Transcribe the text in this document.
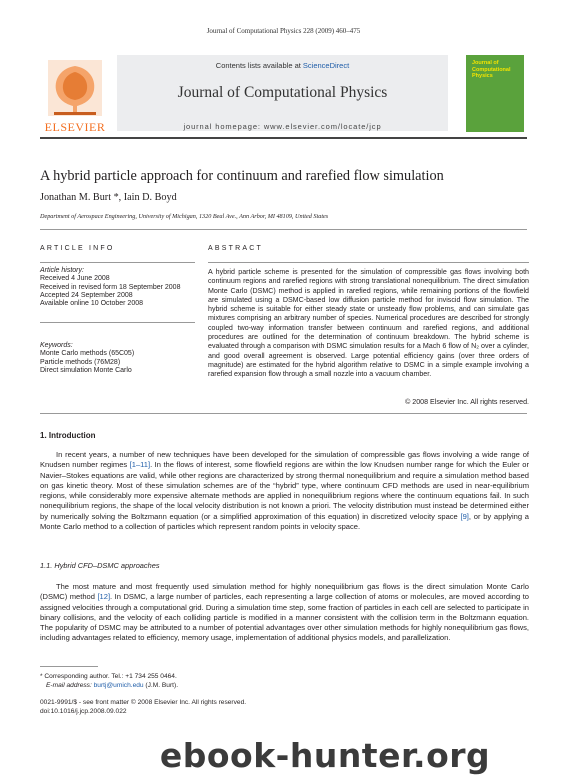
Journal of Computational Physics 228 (2009) 460–475
Contents lists available at ScienceDirect
Journal of Computational Physics
journal homepage: www.elsevier.com/locate/jcp
ELSEVIER
Journal of Computational Physics
A hybrid particle approach for continuum and rarefied flow simulation
Jonathan M. Burt *, Iain D. Boyd
Department of Aerospace Engineering, University of Michigan, 1320 Beal Ave., Ann Arbor, MI 48109, United States
ARTICLE INFO
Article history:
Received 4 June 2008
Received in revised form 18 September 2008
Accepted 24 September 2008
Available online 10 October 2008
Keywords:
Monte Carlo methods (65C05)
Particle methods (76M28)
Direct simulation Monte Carlo
ABSTRACT
A hybrid particle scheme is presented for the simulation of compressible gas flows involving both continuum regions and rarefied regions with strong translational nonequilibrium. The direct simulation Monte Carlo (DSMC) method is applied in rarefied regions, while remaining portions of the flowfield are simulated using a DSMC-based low diffusion particle method for inviscid flow simulation. The hybrid scheme is suitable for either steady state or unsteady flow problems, and can simulate gas mixtures comprising an arbitrary number of species. Numerical procedures are described for strongly coupled two-way information transfer between continuum and rarefied regions, and additional procedures are outlined for the determination of continuum breakdown. The hybrid scheme is evaluated through a comparison with DSMC simulation results for a Mach 6 flow of N₂ over a cylinder, and good overall agreement is observed. Large potential efficiency gains (over three orders of magnitude) are estimated for the hybrid algorithm relative to DSMC in a simple example involving a rarefied expansion flow through a small nozzle into a vacuum chamber.
© 2008 Elsevier Inc. All rights reserved.
1. Introduction
In recent years, a number of new techniques have been developed for the simulation of compressible gas flows involving a wide range of Knudsen number regimes [1–11]. In the flows of interest, some flowfield regions are within the low Knudsen number range for which the Euler or Navier–Stokes equations are valid, while other regions are characterized by strong thermal nonequilibrium and require a simulation method based on gas kinetic theory. Most of these simulation schemes are of the “hybrid” type, where continuum CFD methods are used in near-equilibrium regions, while considerably more expensive alternate methods are applied in nonequilibrium regions where the continuum equations fail. In such nonequilibrium regions, the shape of the local velocity distribution is not known a priori. The velocity distribution must instead be determined either by numerically solving the Boltzmann equation (or a simplified approximation of this equation) in discretized velocity space [9], or by applying a Monte Carlo method to a collection of particles which represent random points in velocity space.
1.1. Hybrid CFD–DSMC approaches
The most mature and most frequently used simulation method for highly nonequilibrium gas flows is the direct simulation Monte Carlo (DSMC) method [12]. In DSMC, a large number of particles, each representing a large collection of atoms or molecules, are moved according to assigned velocities through a computational grid. During a simulation time step, some fraction of particles in each cell are selected to participate in binary collisions, and the velocity of each colliding particle is modified in a manner consistent with the collision term in the Boltzmann equation. The popularity of DSMC may be attributed to a number of potential advantages over other simulation methods for highly nonequilibrium gas flows, including advantages related to efficiency, memory usage, implementation of additional physics models, and parallelization.
* Corresponding author. Tel.: +1 734 255 0464.
E-mail address: burtj@umich.edu (J.M. Burt).
0021-9991/$ - see front matter © 2008 Elsevier Inc. All rights reserved.
doi:10.1016/j.jcp.2008.09.022
ebook-hunter.org
